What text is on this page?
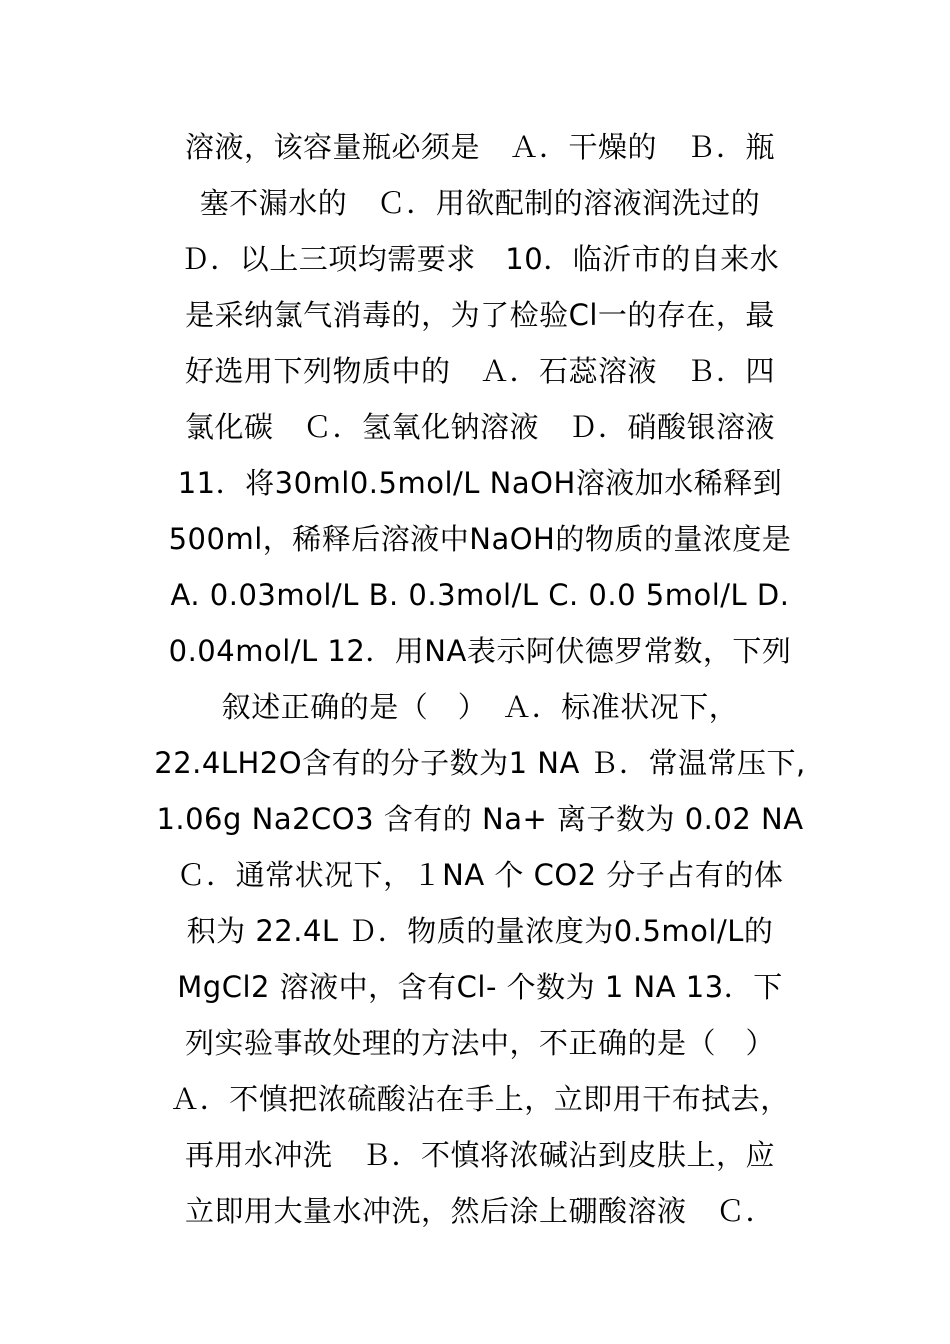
溶液，该容量瓶必须是　Ａ．干燥的　Ｂ．瓶
塞不漏水的　Ｃ．用欲配制的溶液润洗过的
Ｄ．以上三项均需要求　10．临沂市的自来水
是采纳氯气消毒的，为了检验Cl一的存在，最
好选用下列物质中的　Ａ．石蕊溶液　Ｂ．四
氯化碳　Ｃ．氢氧化钠溶液　Ｄ．硝酸银溶液
11．将30ml0.5mol/L NaOH溶液加水稀释到
500ml，稀释后溶液中NaOH的物质的量浓度是
A. 0.03mol/L B. 0.3mol/L C. 0.0 5mol/L D.
0.04mol/L 12．用NA表示阿伏德罗常数，下列
叙述正确的是（　）　Ａ．标准状况下，
22.4LH2O含有的分子数为1 NA Ｂ．常温常压下,
1.06g Na2CO3 含有的 Na+ 离子数为 0.02 NA
Ｃ．通常状况下，１NA 个 CO2 分子占有的体
积为 22.4L Ｄ．物质的量浓度为0.5mol/L的
MgCl2 溶液中，含有Cl- 个数为 1 NA 13．下
列实验事故处理的方法中，不正确的是（　）
Ａ．不慎把浓硫酸沾在手上，立即用干布拭去，
再用水冲洗　Ｂ．不慎将浓碱沾到皮肤上，应
立即用大量水冲洗，然后涂上硼酸溶液　Ｃ．
